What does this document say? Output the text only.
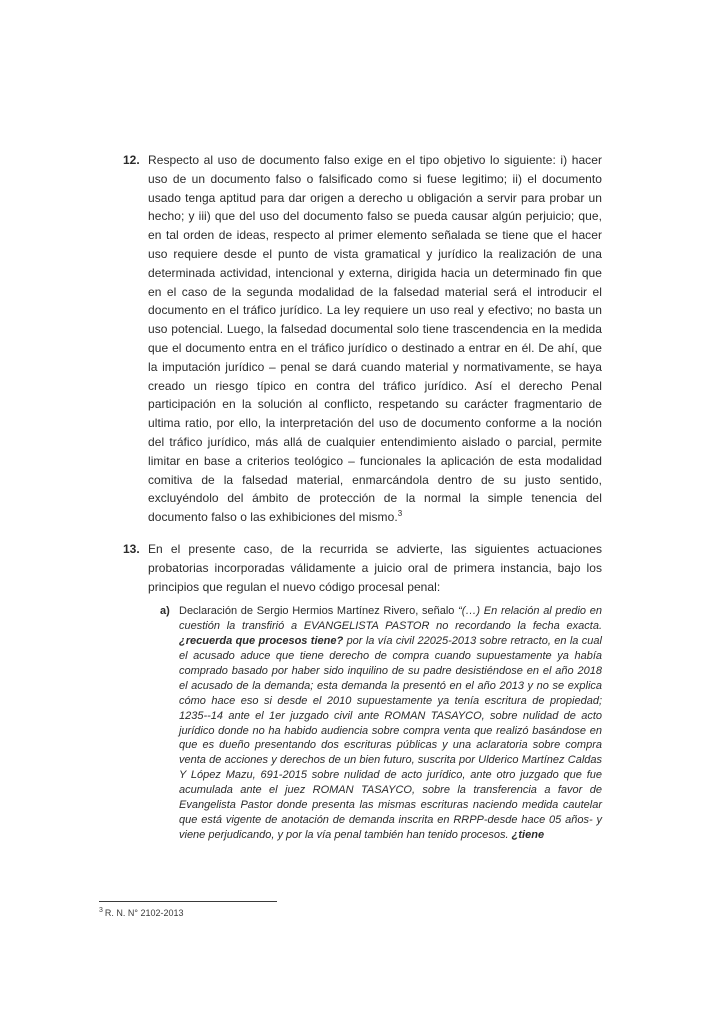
12. Respecto al uso de documento falso exige en el tipo objetivo lo siguiente: i) hacer uso de un documento falso o falsificado como si fuese legitimo; ii) el documento usado tenga aptitud para dar origen a derecho u obligación a servir para probar un hecho; y iii) que del uso del documento falso se pueda causar algún perjuicio; que, en tal orden de ideas, respecto al primer elemento señalada se tiene que el hacer uso requiere desde el punto de vista gramatical y jurídico la realización de una determinada actividad, intencional y externa, dirigida hacia un determinado fin que en el caso de la segunda modalidad de la falsedad material será el introducir el documento en el tráfico jurídico. La ley requiere un uso real y efectivo; no basta un uso potencial. Luego, la falsedad documental solo tiene trascendencia en la medida que el documento entra en el tráfico jurídico o destinado a entrar en él. De ahí, que la imputación jurídico – penal se dará cuando material y normativamente, se haya creado un riesgo típico en contra del tráfico jurídico. Así el derecho Penal participación en la solución al conflicto, respetando su carácter fragmentario de ultima ratio, por ello, la interpretación del uso de documento conforme a la noción del tráfico jurídico, más allá de cualquier entendimiento aislado o parcial, permite limitar en base a criterios teológico – funcionales la aplicación de esta modalidad comitiva de la falsedad material, enmarcándola dentro de su justo sentido, excluyéndolo del ámbito de protección de la normal la simple tenencia del documento falso o las exhibiciones del mismo.$^3$

13. En el presente caso, de la recurrida se advierte, las siguientes actuaciones probatorias incorporadas válidamente a juicio oral de primera instancia, bajo los principios que regulan el nuevo código procesal penal:

a) Declaración de Sergio Hermios Martínez Rivero, señalo “(…) En relación al predio en cuestión la transfirió a EVANGELISTA PASTOR no recordando la fecha exacta. ¿recuerda que procesos tiene? por la vía civil 22025-2013 sobre retracto, en la cual el acusado aduce que tiene derecho de compra cuando supuestamente ya había comprado basado por haber sido inquilino de su padre desistiéndose en el año 2018 el acusado de la demanda; esta demanda la presentó en el año 2013 y no se explica cómo hace eso si desde el 2010 supuestamente ya tenía escritura de propiedad; 1235--14 ante el 1er juzgado civil ante ROMAN TASAYCO, sobre nulidad de acto jurídico donde no ha habido audiencia sobre compra venta que realizó basándose en que es dueño presentando dos escrituras públicas y una aclaratoria sobre compra venta de acciones y derechos de un bien futuro, suscrita por Ulderico Martínez Caldas Y López Mazu, 691-2015 sobre nulidad de acto jurídico, ante otro juzgado que fue acumulada ante el juez ROMAN TASAYCO, sobre la transferencia a favor de Evangelista Pastor donde presenta las mismas escrituras naciendo medida cautelar que está vigente de anotación de demanda inscrita en RRPP-desde hace 05 años- y viene perjudicando, y por la vía penal también han tenido procesos. ¿tiene

$^3$ R. N. N° 2102-2013
